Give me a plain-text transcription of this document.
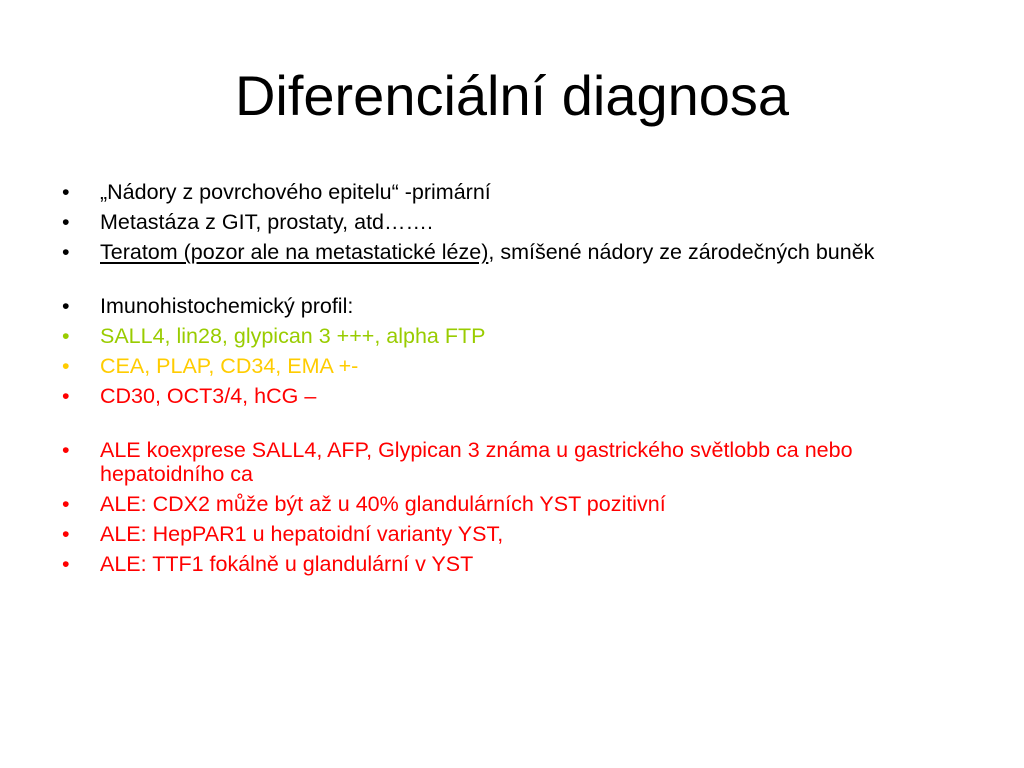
Diferenciální diagnosa
•	„Nádory z povrchového epitelu“ -primární
•	Metastáza z GIT, prostaty, atd…….
•	Teratom (pozor ale na metastatické léze), smíšené nádory ze zárodečných buněk
•	Imunohistochemický profil:
•	SALL4, lin28, glypican 3 +++, alpha FTP
•	CEA, PLAP, CD34, EMA +-
•	CD30, OCT3/4, hCG –
•	ALE koexprese SALL4, AFP, Glypican 3 známa u gastrického světlobb ca nebo hepatoidního ca
•	ALE: CDX2 může být až u 40% glandulárních YST pozitivní
•	ALE: HepPAR1 u hepatoidní varianty YST,
•	ALE: TTF1 fokálně u glandulární v YST
